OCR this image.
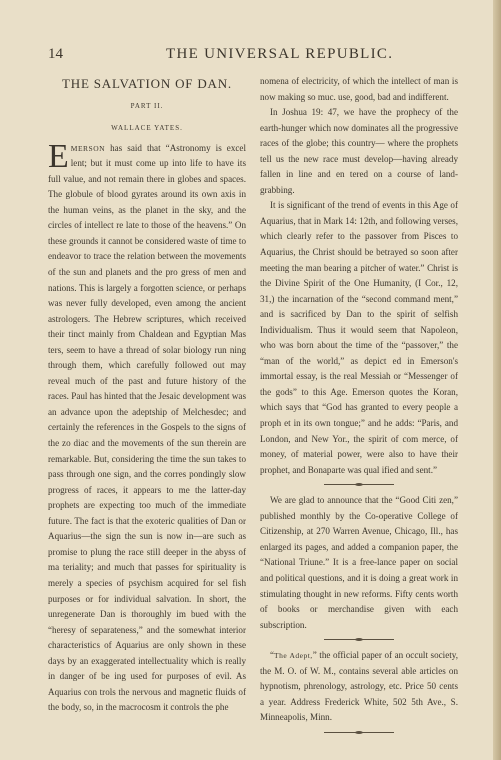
14	THE UNIVERSAL REPUBLIC.
THE SALVATION OF DAN.
PART II.
WALLACE YATES.

EMERSON has said that “Astronomy is excel lent; but it must come up into life to have its full value, and not remain there in globes and spaces. The globule of blood gyrates around its own axis in the human veins, as the planet in the sky, and the circles of intellect re late to those of the heavens.” On these grounds it cannot be considered waste of time to endeavor to trace the relation between the movements of the sun and planets and the pro gress of men and nations. This is largely a forgotten science, or perhaps was never fully developed, even among the ancient astrologers. The Hebrew scriptures, which received their tinct mainly from Chaldean and Egyptian Mas ters, seem to have a thread of solar biology run ning through them, which carefully followed out may reveal much of the past and future history of the races. Paul has hinted that the Jesaic development was an advance upon the adeptship of Melchesdec; and certainly the references in the Gospels to the signs of the zo diac and the movements of the sun therein are remarkable. But, considering the time the sun takes to pass through one sign, and the corres pondingly slow progress of races, it appears to me the latter-day prophets are expecting too much of the immediate future. The fact is that the exoteric qualities of Dan or Aquarius—the sign the sun is now in—are such as promise to plung the race still deeper in the abyss of ma teriality; and much that passes for spirituality is merely a species of psychism acquired for sel fish purposes or for individual salvation. In short, the unregenerate Dan is thoroughly im bued with the “heresy of separateness,” and the somewhat interior characteristics of Aquarius are only shown in these days by an exaggerated intellectuality which is really in danger of be ing used for purposes of evil. As Aquarius con trols the nervous and magnetic fluids of the body, so, in the macrocosm it controls the phe

nomena of electricity, of which the intellect of man is now making so muc. use, good, bad and indifferent.

In Joshua 19: 47, we have the prophecy of the earth-hunger which now dominates all the progressive races of the globe; this country— where the prophets tell us the new race must develop—having already fallen in line and en tered on a course of land-grabbing.

It is significant of the trend of events in this Age of Aquarius, that in Mark 14: 12th, and following verses, which clearly refer to the passover from Pisces to Aquarius, the Christ should be betrayed so soon after meeting the man bearing a pitcher of water.” Christ is the Divine Spirit of the One Humanity, (I Cor., 12, 31,) the incarnation of the “second command ment,” and is sacrificed by Dan to the spirit of selfish Individualism. Thus it would seem that Napoleon, who was born about the time of the “passover,” the “man of the world,” as depict ed in Emerson's immortal essay, is the real Messiah or “Messenger of the gods” to this Age. Emerson quotes the Koran, which says that “God has granted to every people a proph et in its own tongue;” and he adds: “Paris, and London, and New Yor., the spirit of com merce, of money, of material power, were also to have their prophet, and Bonaparte was qual ified and sent.”

We are glad to announce that the “Good Citi zen,” published monthly by the Co-operative College of Citizenship, at 270 Warren Avenue, Chicago, Ill., has enlarged its pages, and added a companion paper, the “National Triune.” It is a free-lance paper on social and political questions, and it is doing a great work in stimulating thought in new reforms. Fifty cents worth of books or merchandise given with each subscription.

“The Adept,” the official paper of an occult society, the M. O. of W. M., contains several able articles on hypnotism, phrenology, astrology, etc. Price 50 cents a year. Address Frederick White, 502 5th Ave., S. Minneapolis, Minn.
